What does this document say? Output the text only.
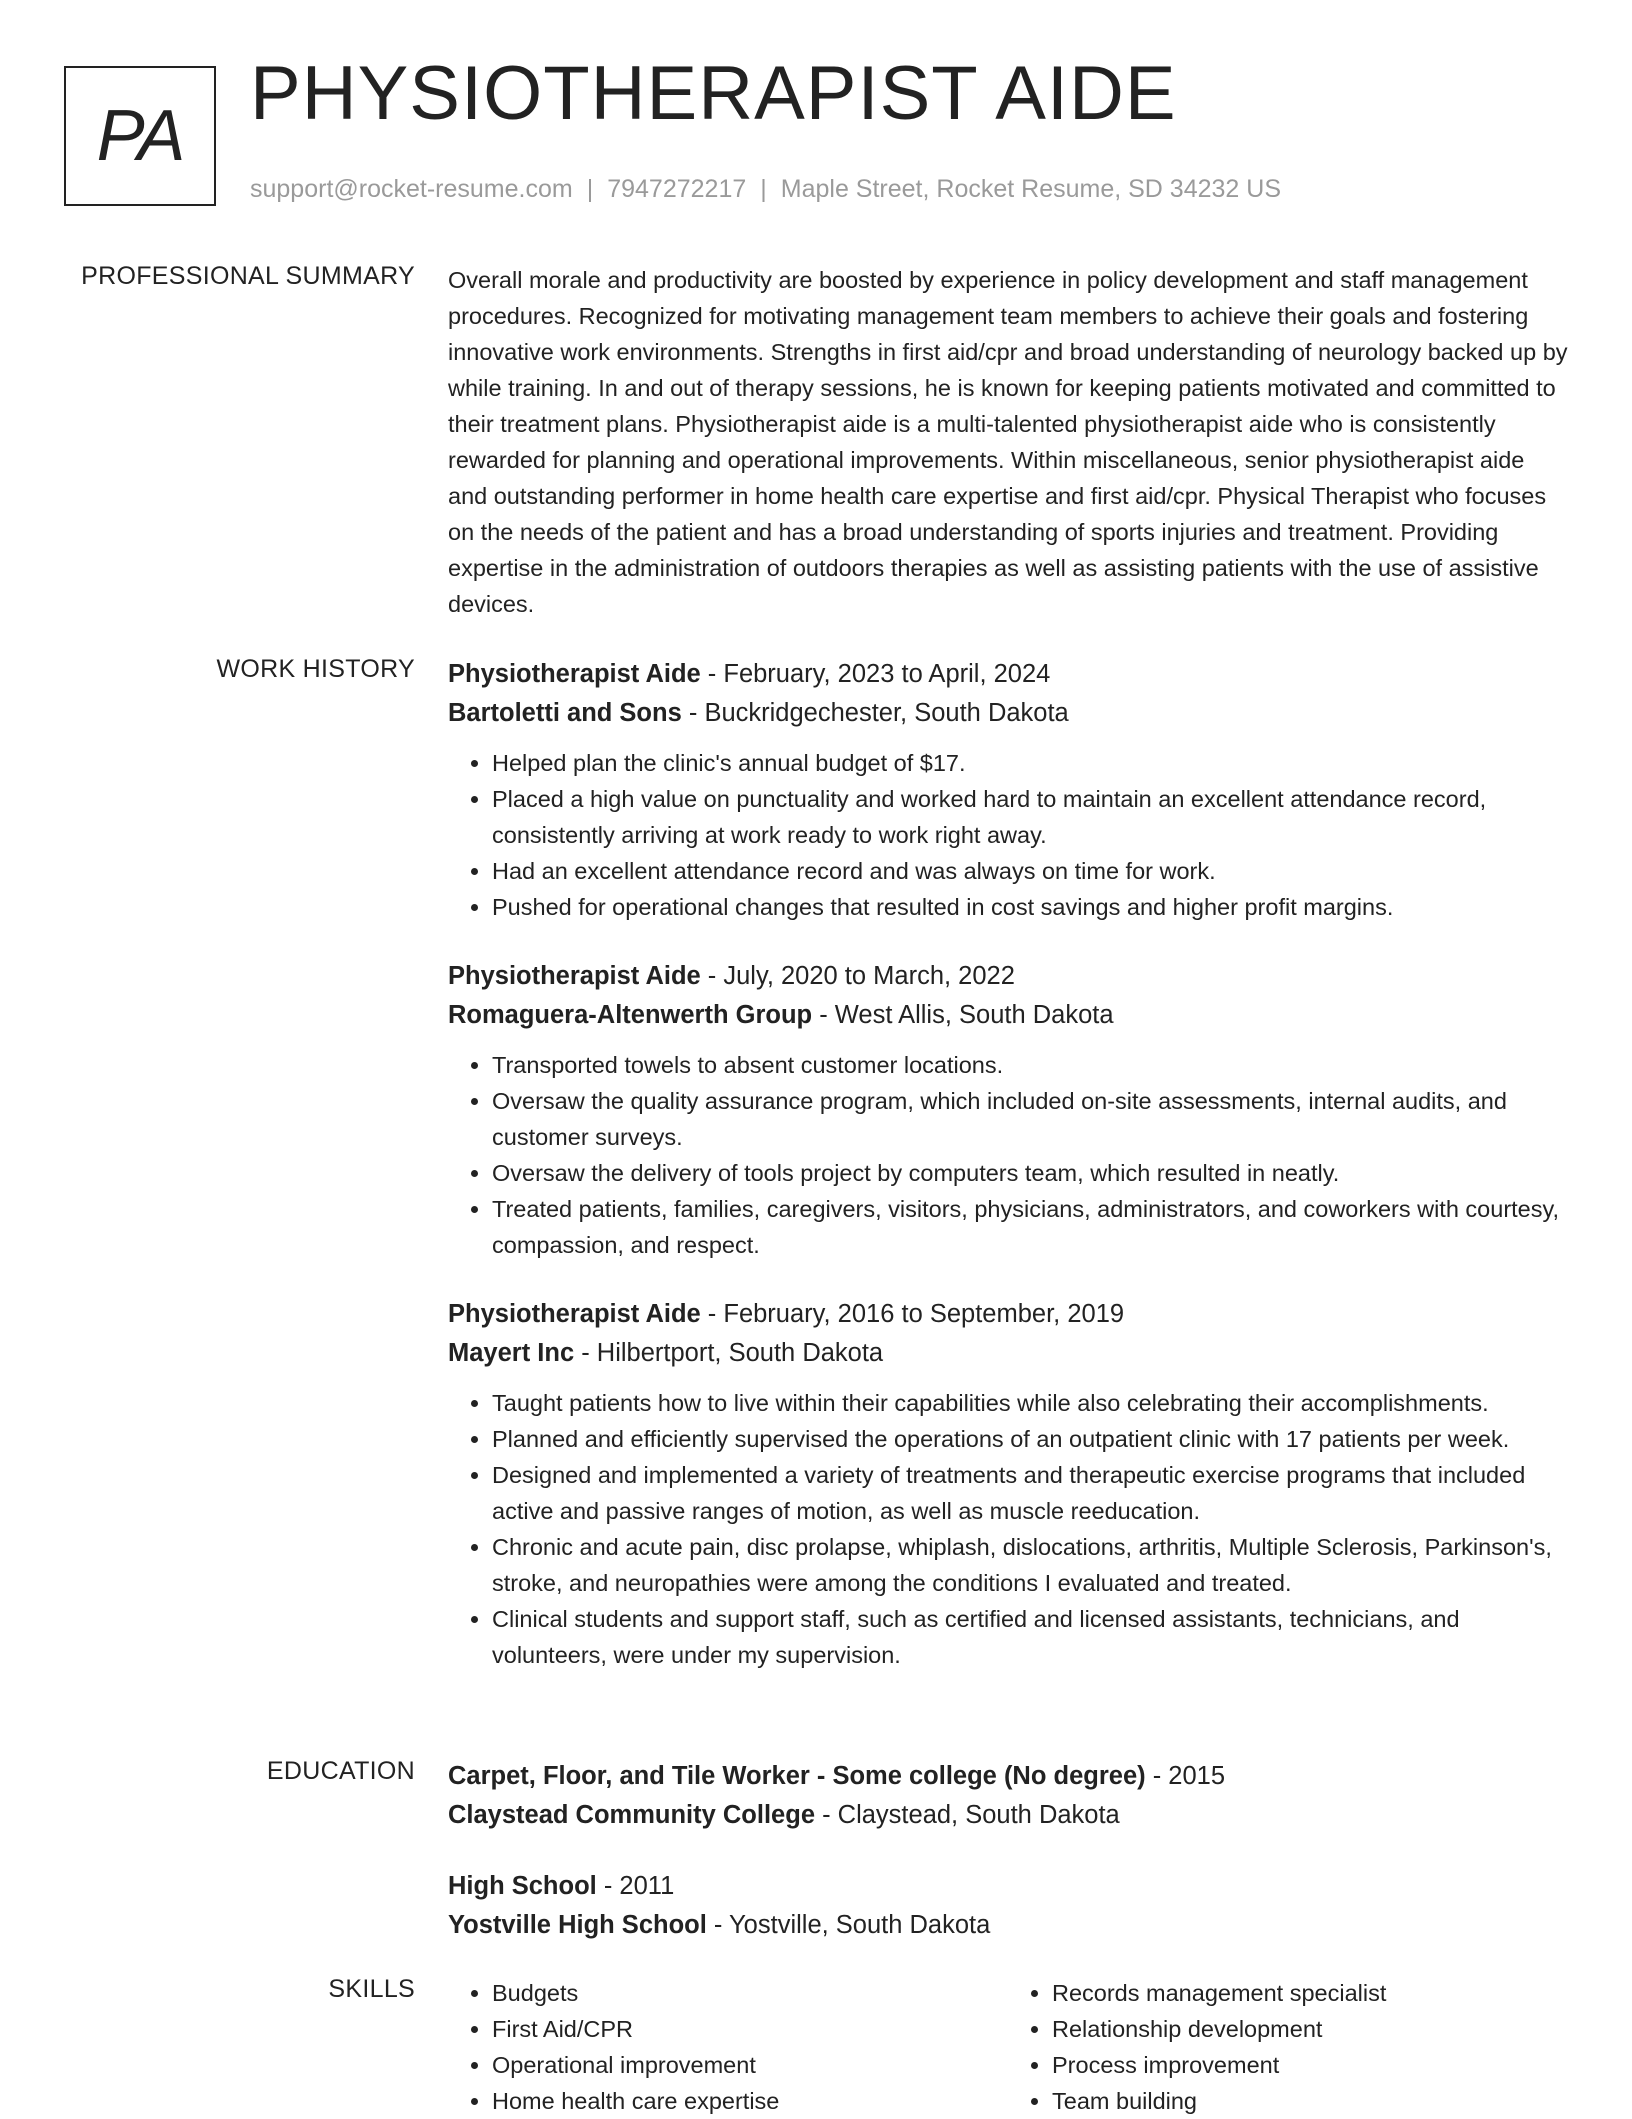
PA PHYSIOTHERAPIST AIDE
support@rocket-resume.com | 7947272217 | Maple Street, Rocket Resume, SD 34232 US
PROFESSIONAL SUMMARY Overall morale and productivity are boosted by experience in policy development and staff management procedures. Recognized for motivating management team members to achieve their goals and fostering innovative work environments. Strengths in first aid/cpr and broad understanding of neurology backed up by while training. In and out of therapy sessions, he is known for keeping patients motivated and committed to their treatment plans. Physiotherapist aide is a multi-talented physiotherapist aide who is consistently rewarded for planning and operational improvements. Within miscellaneous, senior physiotherapist aide and outstanding performer in home health care expertise and first aid/cpr. Physical Therapist who focuses on the needs of the patient and has a broad understanding of sports injuries and treatment. Providing expertise in the administration of outdoors therapies as well as assisting patients with the use of assistive devices.

WORK HISTORY Physiotherapist Aide - February, 2023 to April, 2024
Bartoletti and Sons - Buckridgechester, South Dakota
• Helped plan the clinic's annual budget of $17.
• Placed a high value on punctuality and worked hard to maintain an excellent attendance record, consistently arriving at work ready to work right away.
• Had an excellent attendance record and was always on time for work.
• Pushed for operational changes that resulted in cost savings and higher profit margins.
Physiotherapist Aide - July, 2020 to March, 2022
Romaguera-Altenwerth Group - West Allis, South Dakota
• Transported towels to absent customer locations.
• Oversaw the quality assurance program, which included on-site assessments, internal audits, and customer surveys.
• Oversaw the delivery of tools project by computers team, which resulted in neatly.
• Treated patients, families, caregivers, visitors, physicians, administrators, and coworkers with courtesy, compassion, and respect.
Physiotherapist Aide - February, 2016 to September, 2019
Mayert Inc - Hilbertport, South Dakota
• Taught patients how to live within their capabilities while also celebrating their accomplishments.
• Planned and efficiently supervised the operations of an outpatient clinic with 17 patients per week.
• Designed and implemented a variety of treatments and therapeutic exercise programs that included active and passive ranges of motion, as well as muscle reeducation.
• Chronic and acute pain, disc prolapse, whiplash, dislocations, arthritis, Multiple Sclerosis, Parkinson's, stroke, and neuropathies were among the conditions I evaluated and treated.
• Clinical students and support staff, such as certified and licensed assistants, technicians, and volunteers, were under my supervision.
EDUCATION Carpet, Floor, and Tile Worker - Some college (No degree) - 2015
Claystead Community College - Claystead, South Dakota
High School - 2011
Yostville High School - Yostville, South Dakota
SKILLS
•	Budgets
• First Aid/CPR
• Operational improvement
• Home health care expertise
• Records management specialist
• Relationship development
• Process improvement
• Team building
